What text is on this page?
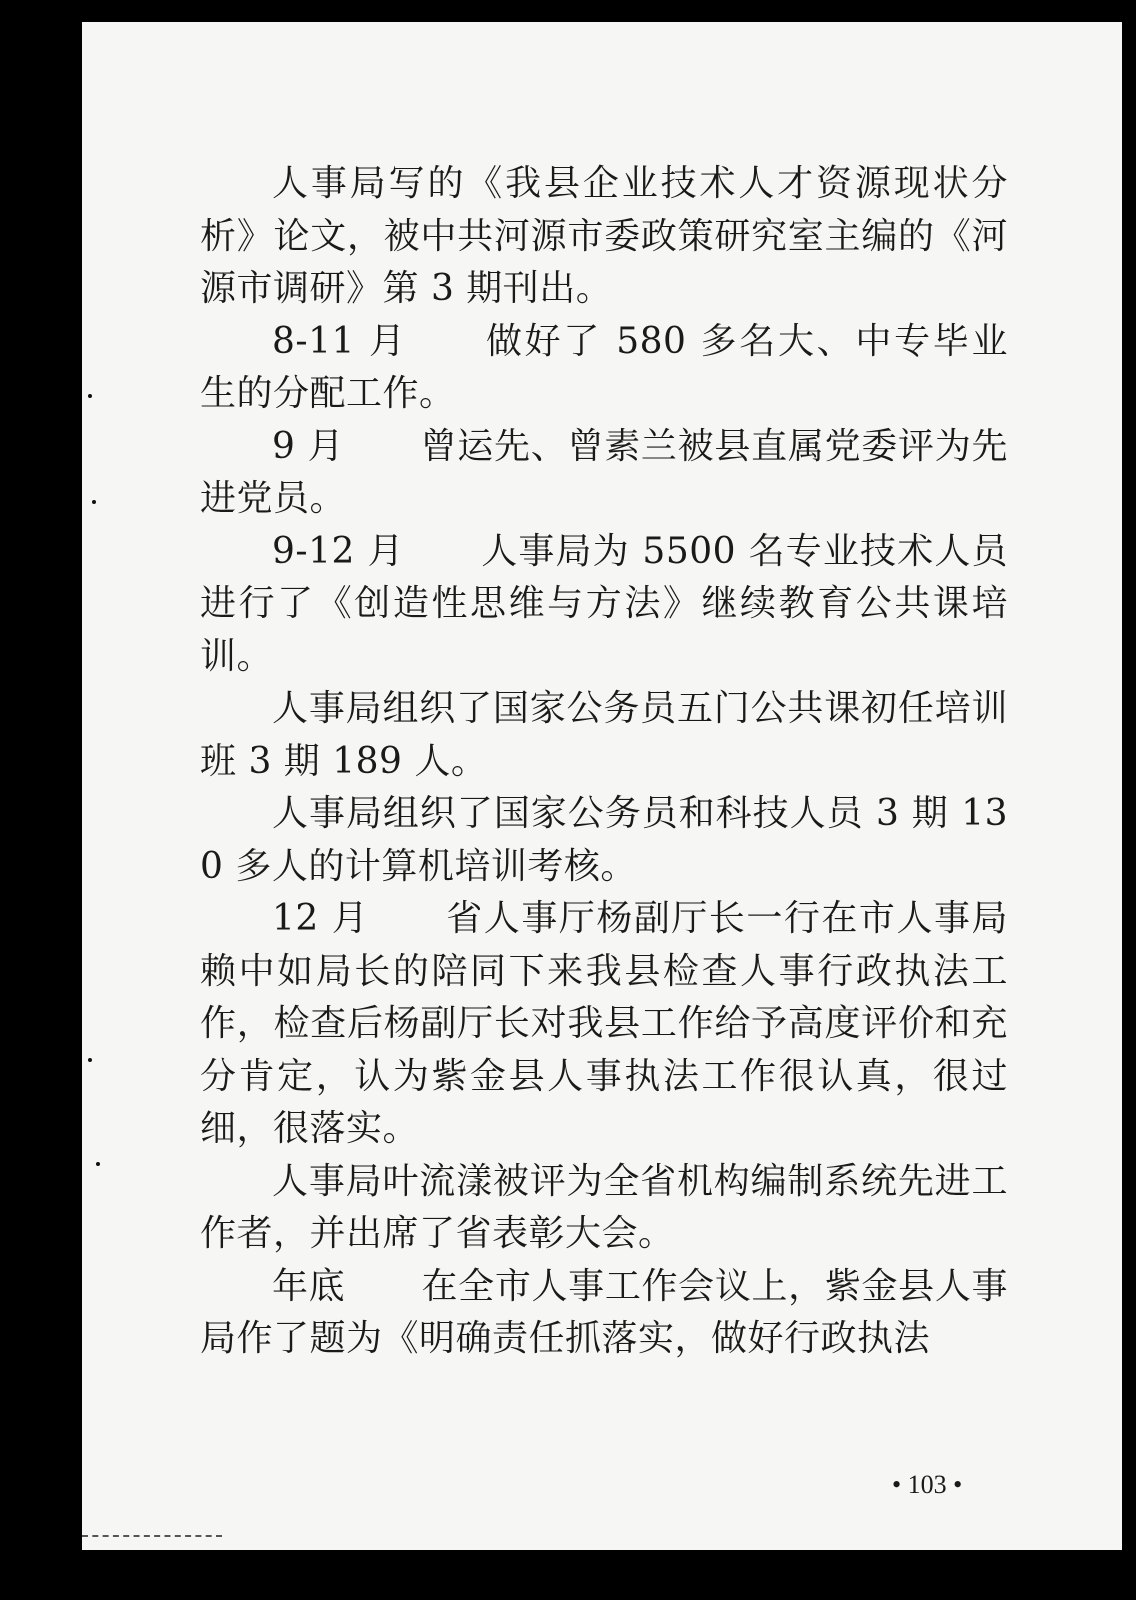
人事局写的《我县企业技术人才资源现状分析》论文，被中共河源市委政策研究室主编的《河源市调研》第 3 期刊出。

8-11 月 做好了 580 多名大、中专毕业生的分配工作。

9 月 曾运先、曾素兰被县直属党委评为先进党员。

9-12 月 人事局为 5500 名专业技术人员进行了《创造性思维与方法》继续教育公共课培训。

人事局组织了国家公务员五门公共课初任培训班 3 期 189 人。

人事局组织了国家公务员和科技人员 3 期 130 多人的计算机培训考核。

12 月 省人事厅杨副厅长一行在市人事局赖中如局长的陪同下来我县检查人事行政执法工作，检查后杨副厅长对我县工作给予高度评价和充分肯定，认为紫金县人事执法工作很认真，很过细，很落实。

人事局叶流漾被评为全省机构编制系统先进工作者，并出席了省表彰大会。

年底 在全市人事工作会议上，紫金县人事局作了题为《明确责任抓落实，做好行政执法

• 103 •
